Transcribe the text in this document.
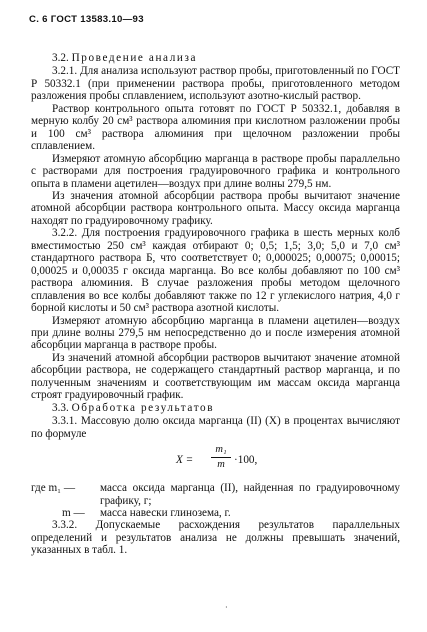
С. 6 ГОСТ 13583.10—93

3.2. Проведение анализа

3.2.1. Для анализа используют раствор пробы, приготовленный по ГОСТ Р 50332.1 (при применении раствора пробы, приготовленного методом разложения пробы сплавлением, используют азотно-кислый раствор.

Раствор контрольного опыта готовят по ГОСТ Р 50332.1, добавляя в мерную колбу 20 см³ раствора алюминия при кислотном разложении пробы и 100 см³ раствора алюминия при щелочном разложении пробы сплавлением.

Измеряют атомную абсорбцию марганца в растворе пробы параллельно с растворами для построения градуировочного графика и контрольного опыта в пламени ацетилен—воздух при длине волны 279,5 нм.

Из значения атомной абсорбции раствора пробы вычитают значение атомной абсорбции раствора контрольного опыта. Массу оксида марганца находят по градуировочному графику.

3.2.2. Для построения градуировочного графика в шесть мерных колб вместимостью 250 см³ каждая отбирают 0; 0,5; 1,5; 3,0; 5,0 и 7,0 см³ стандартного раствора Б, что соответствует 0; 0,000025; 0,00075; 0,00015; 0,00025 и 0,00035 г оксида марганца. Во все колбы добавляют по 100 см³ раствора алюминия. В случае разложения пробы методом щелочного сплавления во все колбы добавляют также по 12 г углекислого натрия, 4,0 г борной кислоты и 50 см³ раствора азотной кислоты.

Измеряют атомную абсорбцию марганца в пламени ацетилен—воздух при длине волны 279,5 нм непосредственно до и после измерения атомной абсорбции марганца в растворе пробы.

Из значений атомной абсорбции растворов вычитают значение атомной абсорбции раствора, не содержащего стандартный раствор марганца, и по полученным значениям и соответствующим им массам оксида марганца строят градуировочный график.

3.3. Обработка результатов

3.3.1. Массовую долю оксида марганца (II) (X) в процентах вычисляют по формуле

X =
m₁
m ·100,
где m₁ — масса оксида марганца (II), найденная по градуировочному графику, г;

m — масса навески глинозема, г.

3.3.2. Допускаемые расхождения результатов параллельных определений и результатов анализа не должны превышать значений, указанных в табл. 1.

·
